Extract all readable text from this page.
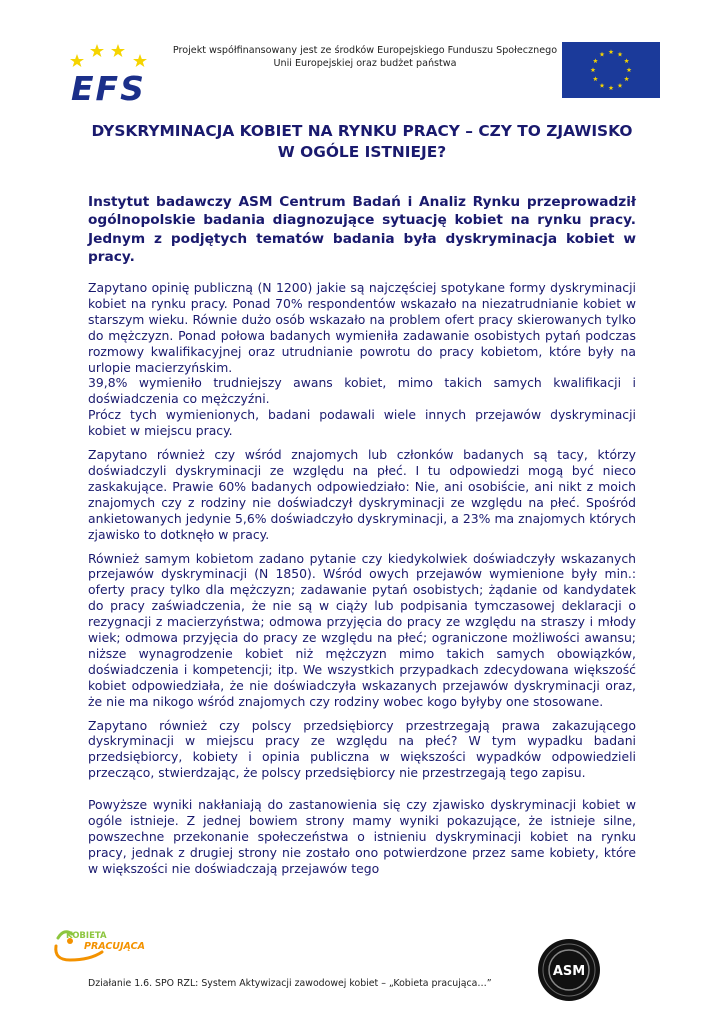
EFS
Projekt współfinansowany jest ze środków Europejskiego Funduszu Społecznego
Unii Europejskiej oraz budżet państwa
DYSKRYMINACJA KOBIET NA RYNKU PRACY – CZY TO ZJAWISKO W OGÓLE ISTNIEJE?
Instytut badawczy ASM Centrum Badań i Analiz Rynku przeprowadził ogólnopolskie badania diagnozujące sytuację kobiet na rynku pracy. Jednym z podjętych tematów badania była dyskryminacja kobiet w pracy.

Zapytano opinię publiczną (N 1200) jakie są najczęściej spotykane formy dyskryminacji kobiet na rynku pracy. Ponad 70% respondentów wskazało na niezatrudnianie kobiet w starszym wieku. Równie dużo osób wskazało na problem ofert pracy skierowanych tylko do mężczyzn. Ponad połowa badanych wymieniła zadawanie osobistych pytań podczas rozmowy kwalifikacyjnej oraz utrudnianie powrotu do pracy kobietom, które były na urlopie macierzyńskim.

39,8% wymieniło trudniejszy awans kobiet, mimo takich samych kwalifikacji i doświadczenia co mężczyźni.

Prócz tych wymienionych, badani podawali wiele innych przejawów dyskryminacji kobiet w miejscu pracy.

Zapytano również czy wśród znajomych lub członków badanych są tacy, którzy doświadczyli dyskryminacji ze względu na płeć. I tu odpowiedzi mogą być nieco zaskakujące. Prawie 60% badanych odpowiedziało: Nie, ani osobiście, ani nikt z moich znajomych czy z rodziny nie doświadczył dyskryminacji ze względu na płeć. Spośród ankietowanych jedynie 5,6% doświadczyło dyskryminacji, a 23% ma znajomych których zjawisko to dotknęło w pracy.

Również samym kobietom zadano pytanie czy kiedykolwiek doświadczyły wskazanych przejawów dyskryminacji (N 1850). Wśród owych przejawów wymienione były min.: oferty pracy tylko dla mężczyzn; zadawanie pytań osobistych; żądanie od kandydatek do pracy zaświadczenia, że nie są w ciąży lub podpisania tymczasowej deklaracji o rezygnacji z macierzyństwa; odmowa przyjęcia do pracy ze względu na straszy i młody wiek; odmowa przyjęcia do pracy ze względu na płeć; ograniczone możliwości awansu; niższe wynagrodzenie kobiet niż mężczyzn mimo takich samych obowiązków, doświadczenia i kompetencji; itp. We wszystkich przypadkach zdecydowana większość kobiet odpowiedziała, że nie doświadczyła wskazanych przejawów dyskryminacji oraz, że nie ma nikogo wśród znajomych czy rodziny wobec kogo byłyby one stosowane.

Zapytano również czy polscy przedsiębiorcy przestrzegają prawa zakazującego dyskryminacji w miejscu pracy ze względu na płeć? W tym wypadku badani przedsiębiorcy, kobiety i opinia publiczna w większości wypadków odpowiedzieli przecząco, stwierdzając, że polscy przedsiębiorcy nie przestrzegają tego zapisu.

Powyższe wyniki nakłaniają do zastanowienia się czy zjawisko dyskryminacji kobiet w ogóle istnieje. Z jednej bowiem strony mamy wyniki pokazujące, że istnieje silne, powszechne przekonanie społeczeństwa o istnieniu dyskryminacji kobiet na rynku pracy, jednak z drugiej strony nie zostało ono potwierdzone przez same kobiety, które w większości nie doświadczają przejawów tego

KOBIETA
PRACUJĄCA
ASM
Działanie 1.6. SPO RZL: System Aktywizacji zawodowej kobiet – „Kobieta pracująca…”
